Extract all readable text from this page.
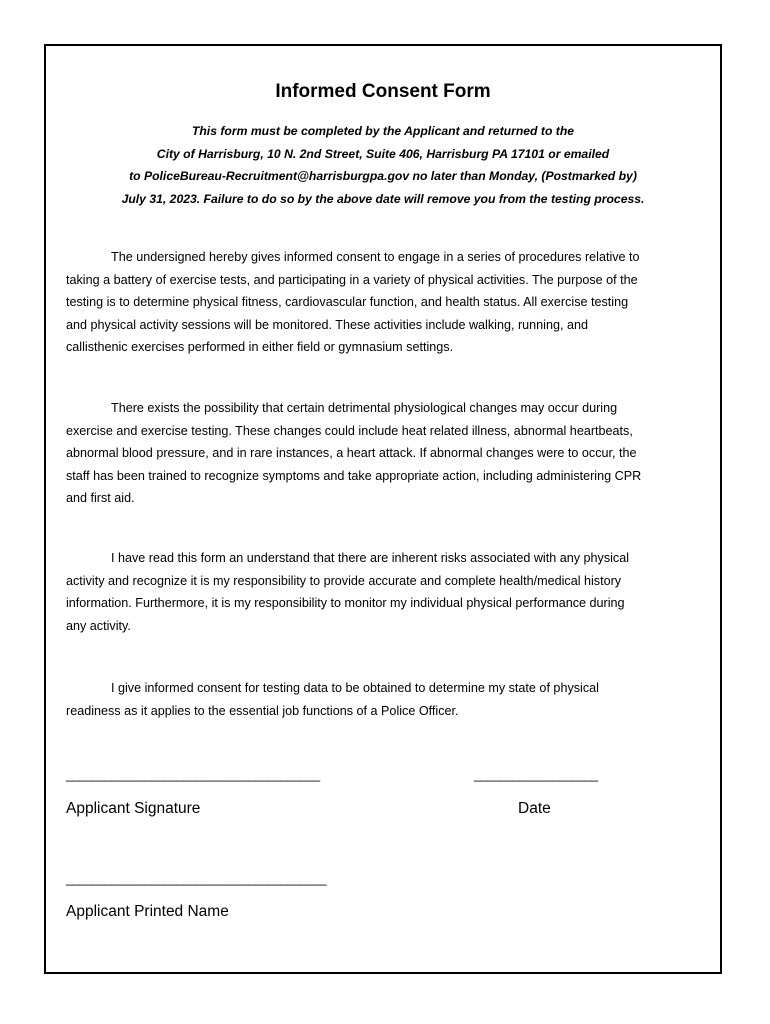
Informed Consent Form
This form must be completed by the Applicant and returned to the
City of Harrisburg, 10 N. 2nd Street, Suite 406, Harrisburg PA 17101 or emailed
to PoliceBureau-Recruitment@harrisburgpa.gov no later than Monday, (Postmarked by)
July 31, 2023. Failure to do so by the above date will remove you from the testing process.
The undersigned hereby gives informed consent to engage in a series of procedures relative to
taking a battery of exercise tests, and participating in a variety of physical activities. The purpose of the
testing is to determine physical fitness, cardiovascular function, and health status. All exercise testing
and physical activity sessions will be monitored. These activities include walking, running, and
callisthenic exercises performed in either field or gymnasium settings.
There exists the possibility that certain detrimental physiological changes may occur during
exercise and exercise testing. These changes could include heat related illness, abnormal heartbeats,
abnormal blood pressure, and in rare instances, a heart attack. If abnormal changes were to occur, the
staff has been trained to recognize symptoms and take appropriate action, including administering CPR
and first aid.
I have read this form an understand that there are inherent risks associated with any physical
activity and recognize it is my responsibility to provide accurate and complete health/medical history
information. Furthermore, it is my responsibility to monitor my individual physical performance during
any activity.
I give informed consent for testing data to be obtained to determine my state of physical
readiness as it applies to the essential job functions of a Police Officer.
_______________________________________	___________________
Applicant Signature	Date
________________________________________
Applicant Printed Name
